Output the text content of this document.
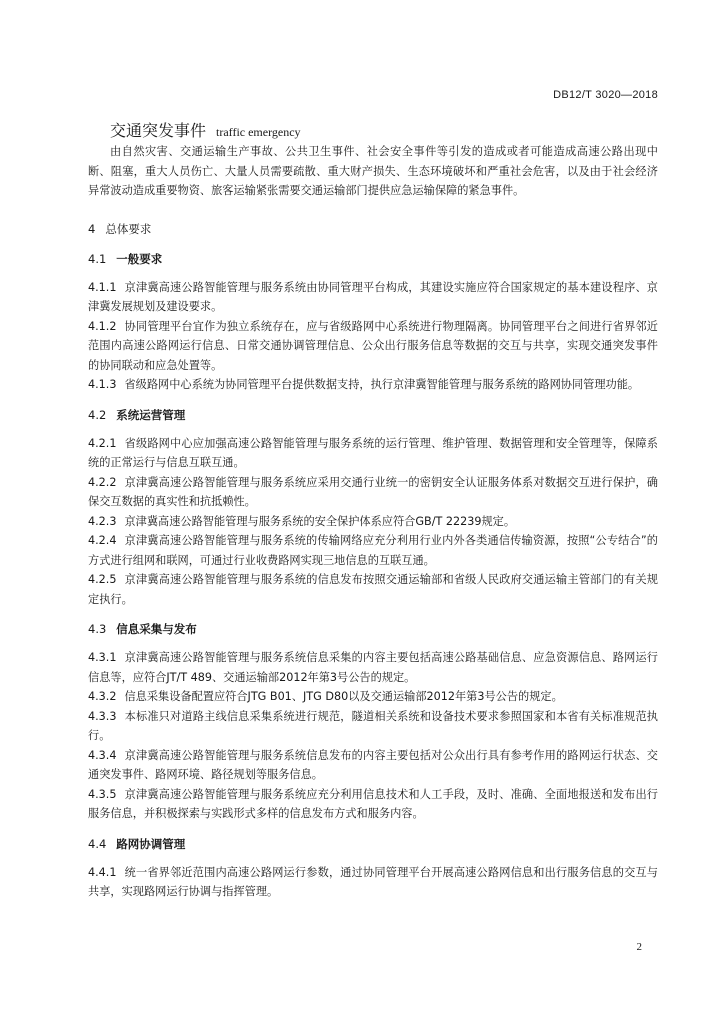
DB12/T 3020—2018
交通突发事件 traffic emergency

由自然灾害、交通运输生产事故、公共卫生事件、社会安全事件等引发的造成或者可能造成高速公路出现中断、阻塞，重大人员伤亡、大量人员需要疏散、重大财产损失、生态环境破坏和严重社会危害，以及由于社会经济异常波动造成重要物资、旅客运输紧张需要交通运输部门提供应急运输保障的紧急事件。

4 总体要求
4.1 一般要求

4.1.1 京津冀高速公路智能管理与服务系统由协同管理平台构成，其建设实施应符合国家规定的基本建设程序、京津冀发展规划及建设要求。

4.1.2 协同管理平台宜作为独立系统存在，应与省级路网中心系统进行物理隔离。协同管理平台之间进行省界邻近范围内高速公路网运行信息、日常交通协调管理信息、公众出行服务信息等数据的交互与共享，实现交通突发事件的协同联动和应急处置等。

4.1.3 省级路网中心系统为协同管理平台提供数据支持，执行京津冀智能管理与服务系统的路网协同管理功能。

4.2 系统运营管理

4.2.1 省级路网中心应加强高速公路智能管理与服务系统的运行管理、维护管理、数据管理和安全管理等，保障系统的正常运行与信息互联互通。

4.2.2 京津冀高速公路智能管理与服务系统应采用交通行业统一的密钥安全认证服务体系对数据交互进行保护，确保交互数据的真实性和抗抵赖性。

4.2.3 京津冀高速公路智能管理与服务系统的安全保护体系应符合GB/T 22239规定。

4.2.4 京津冀高速公路智能管理与服务系统的传输网络应充分利用行业内外各类通信传输资源，按照“公专结合”的方式进行组网和联网，可通过行业收费路网实现三地信息的互联互通。

4.2.5 京津冀高速公路智能管理与服务系统的信息发布按照交通运输部和省级人民政府交通运输主管部门的有关规定执行。

4.3 信息采集与发布

4.3.1 京津冀高速公路智能管理与服务系统信息采集的内容主要包括高速公路基础信息、应急资源信息、路网运行信息等，应符合JT/T 489、交通运输部2012年第3号公告的规定。

4.3.2 信息采集设备配置应符合JTG B01、JTG D80以及交通运输部2012年第3号公告的规定。

4.3.3 本标准只对道路主线信息采集系统进行规范，隧道相关系统和设备技术要求参照国家和本省有关标准规范执行。

4.3.4 京津冀高速公路智能管理与服务系统信息发布的内容主要包括对公众出行具有参考作用的路网运行状态、交通突发事件、路网环境、路径规划等服务信息。

4.3.5 京津冀高速公路智能管理与服务系统应充分利用信息技术和人工手段，及时、准确、全面地报送和发布出行服务信息，并积极探索与实践形式多样的信息发布方式和服务内容。

4.4 路网协调管理

4.4.1 统一省界邻近范围内高速公路网运行参数，通过协同管理平台开展高速公路网信息和出行服务信息的交互与共享，实现路网运行协调与指挥管理。

2
